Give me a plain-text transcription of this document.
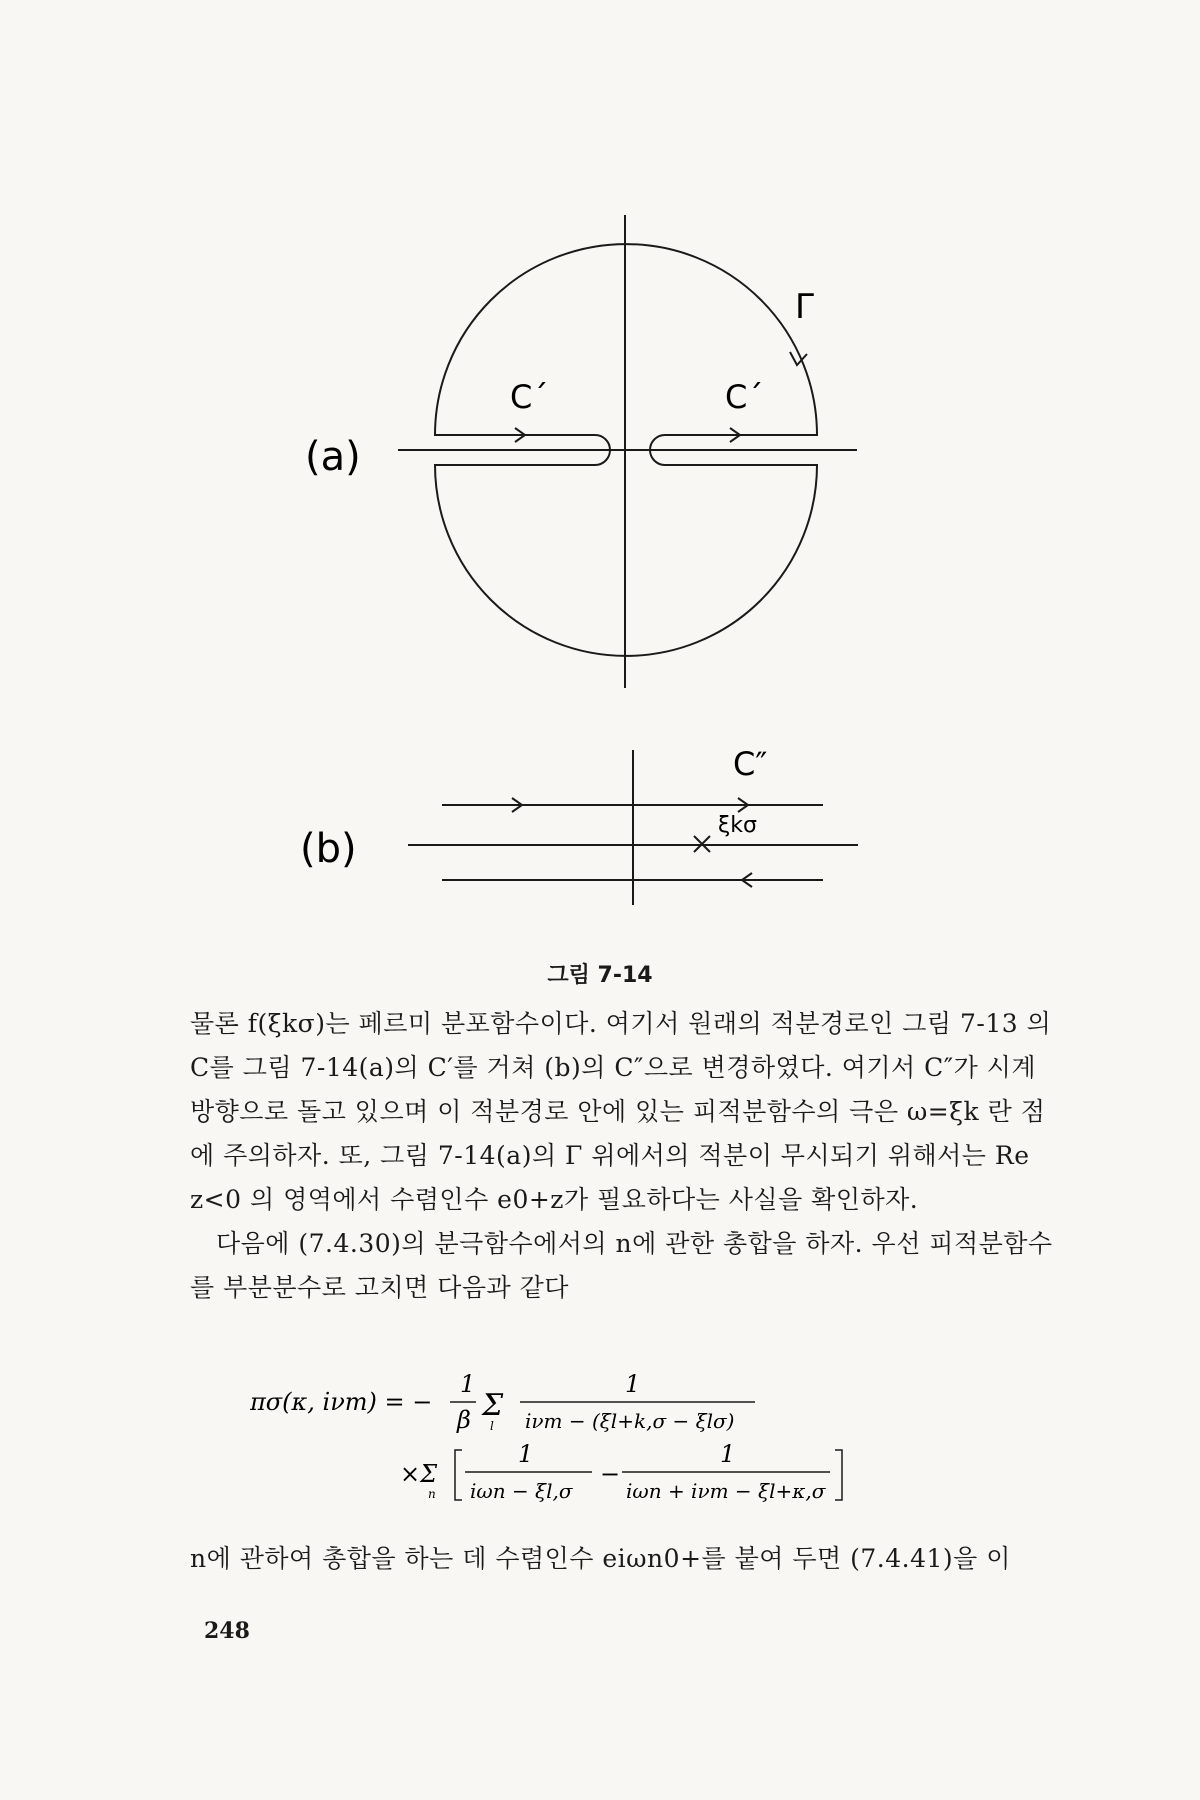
(a)
(b)
Γ
C´	C´
C″
ξkσ
그림 7-14

물론 f(ξkσ)는 페르미 분포함수이다. 여기서 원래의 적분경로인 그림 7-13 의 C를 그림 7-14(a)의 C′를 거쳐 (b)의 C″으로 변경하였다. 여기서 C″가 시계방향으로 돌고 있으며 이 적분경로 안에 있는 피적분함수의 극은 ω=ξk 란 점에 주의하자. 또, 그림 7-14(a)의 Γ 위에서의 적분이 무시되기 위해서는 Re z<0 의 영역에서 수렴인수 e0+z가 필요하다는 사실을 확인하자.

다음에 (7.4.30)의 분극함수에서의 n에 관한 총합을 하자. 우선 피적분함수를 부분분수로 고치면 다음과 같다

πσ(κ, iνm) = −
1
β Σ
l
1
iνm − (ξl+k,σ − ξlσ)
×Σ
n
1
iωn − ξl,σ
−
1
iωn + iνm − ξl+κ,σ

n에 관하여 총합을 하는 데 수렴인수 eiωn0+를 붙여 두면 (7.4.41)을 이

248
